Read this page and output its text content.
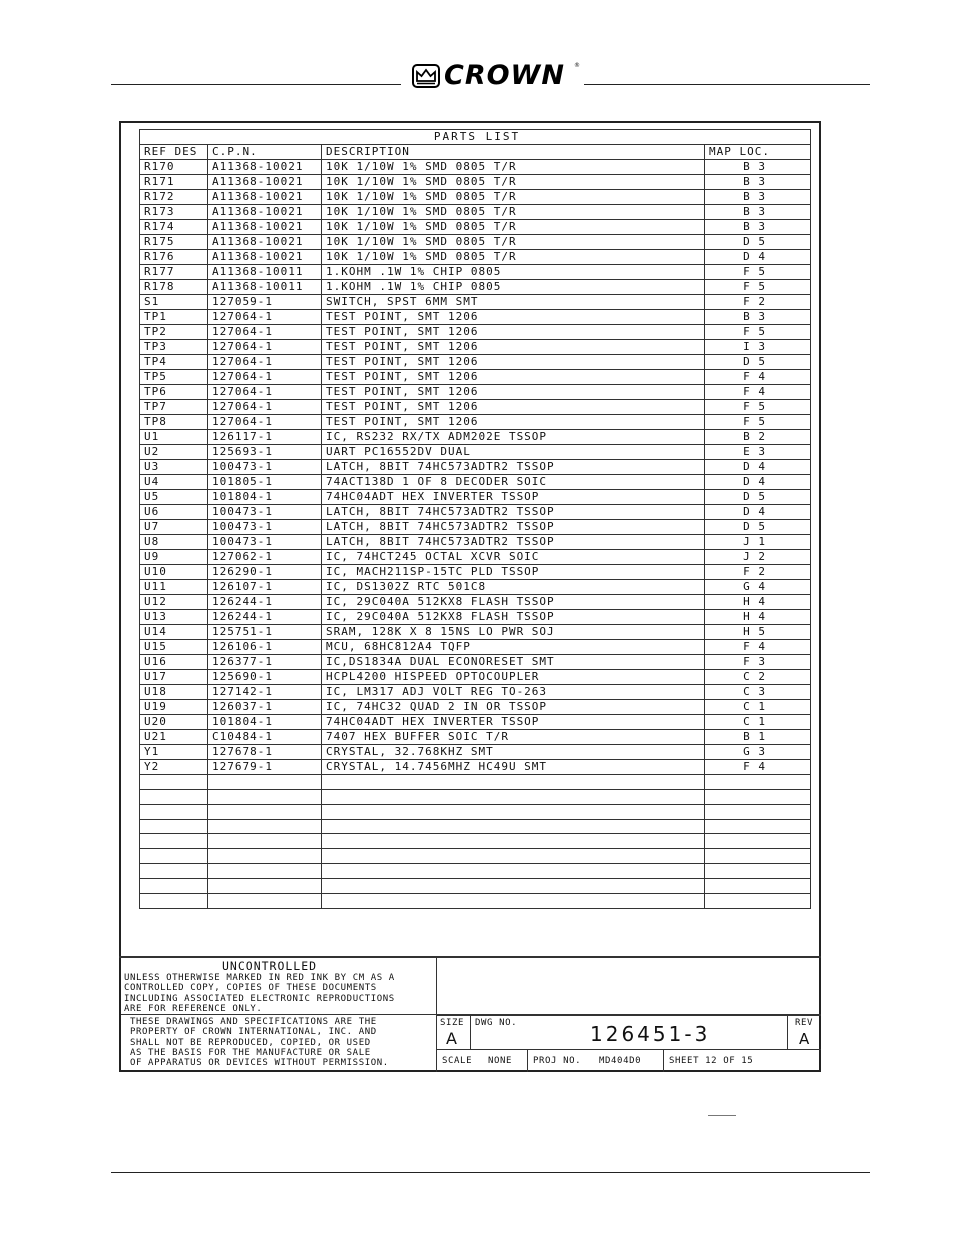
CROWN ®
PARTS LIST			
REF DES	C.P.N.	DESCRIPTION	MAP LOC.
R170	A11368-10021	10K 1/10W 1% SMD 0805 T/R	B 3
R171	A11368-10021	10K 1/10W 1% SMD 0805 T/R	B 3
R172	A11368-10021	10K 1/10W 1% SMD 0805 T/R	B 3
R173	A11368-10021	10K 1/10W 1% SMD 0805 T/R	B 3
R174	A11368-10021	10K 1/10W 1% SMD 0805 T/R	B 3
R175	A11368-10021	10K 1/10W 1% SMD 0805 T/R	D 5
R176	A11368-10021	10K 1/10W 1% SMD 0805 T/R	D 4
R177	A11368-10011	1.KOHM .1W 1% CHIP 0805	F 5
R178	A11368-10011	1.KOHM .1W 1% CHIP 0805	F 5
S1	127059-1	SWITCH, SPST 6MM SMT	F 2
TP1	127064-1	TEST POINT, SMT 1206	B 3
TP2	127064-1	TEST POINT, SMT 1206	F 5
TP3	127064-1	TEST POINT, SMT 1206	I 3
TP4	127064-1	TEST POINT, SMT 1206	D 5
TP5	127064-1	TEST POINT, SMT 1206	F 4
TP6	127064-1	TEST POINT, SMT 1206	F 4
TP7	127064-1	TEST POINT, SMT 1206	F 5
TP8	127064-1	TEST POINT, SMT 1206	F 5
U1	126117-1	IC, RS232 RX/TX ADM202E TSSOP	B 2
U2	125693-1	UART PC16552DV DUAL	E 3
U3	100473-1	LATCH, 8BIT 74HC573ADTR2 TSSOP	D 4
U4	101805-1	74ACT138D 1 OF 8 DECODER SOIC	D 4
U5	101804-1	74HC04ADT HEX INVERTER TSSOP	D 5
U6	100473-1	LATCH, 8BIT 74HC573ADTR2 TSSOP	D 4
U7	100473-1	LATCH, 8BIT 74HC573ADTR2 TSSOP	D 5
U8	100473-1	LATCH, 8BIT 74HC573ADTR2 TSSOP	J 1
U9	127062-1	IC, 74HCT245 OCTAL XCVR SOIC	J 2
U10	126290-1	IC, MACH211SP-15TC PLD TSSOP	F 2
U11	126107-1	IC, DS1302Z RTC 501C8	G 4
U12	126244-1	IC, 29C040A 512KX8 FLASH TSSOP	H 4
U13	126244-1	IC, 29C040A 512KX8 FLASH TSSOP	H 4
U14	125751-1	SRAM, 128K X 8 15NS LO PWR SOJ	H 5
U15	126106-1	MCU, 68HC812A4 TQFP	F 4
U16	126377-1	IC,DS1834A DUAL ECONORESET SMT	F 3
U17	125690-1	HCPL4200 HISPEED OPTOCOUPLER	C 2
U18	127142-1	IC, LM317 ADJ VOLT REG TO-263	C 3
U19	126037-1	IC, 74HC32 QUAD 2 IN OR TSSOP	C 1
U20	101804-1	74HC04ADT HEX INVERTER TSSOP	C 1
U21	C10484-1	7407 HEX BUFFER SOIC T/R	B 1
Y1	127678-1	CRYSTAL, 32.768KHZ SMT	G 3
Y2	127679-1	CRYSTAL, 14.7456MHZ HC49U SMT	F 4

UNCONTROLLED
UNLESS OTHERWISE MARKED IN RED INK BY CM AS A
CONTROLLED COPY, COPIES OF THESE DOCUMENTS
INCLUDING ASSOCIATED ELECTRONIC REPRODUCTIONS
ARE FOR REFERENCE ONLY.
THESE DRAWINGS AND SPECIFICATIONS ARE THE
PROPERTY OF CROWN INTERNATIONAL, INC. AND
SHALL NOT BE REPRODUCED, COPIED, OR USED
AS THE BASIS FOR THE MANUFACTURE OR SALE
OF APPARATUS OR DEVICES WITHOUT PERMISSION.
SIZE
A
DWG NO.	126451-3	REV
A
SCALE NONE PROJ NO. MD404D0	SHEET 12 OF 15
